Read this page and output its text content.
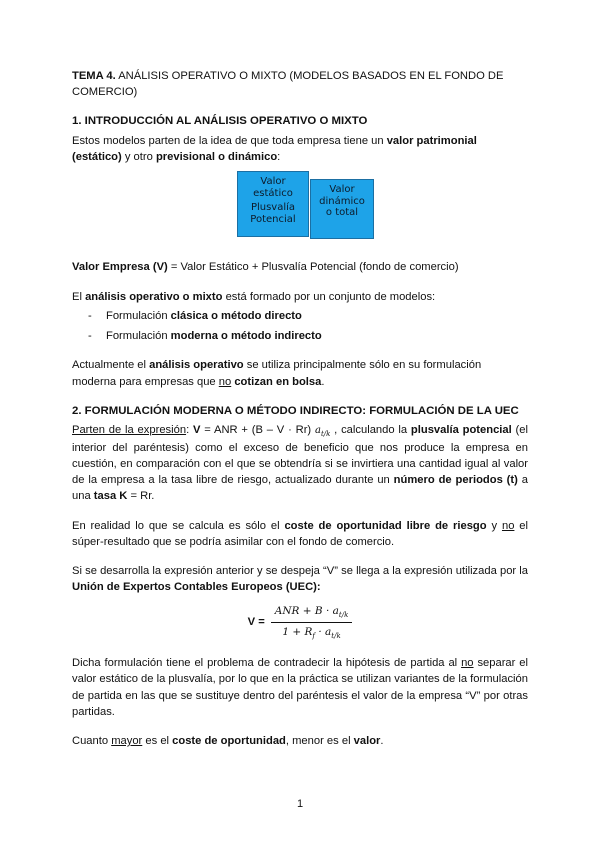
TEMA 4. ANÁLISIS OPERATIVO O MIXTO (MODELOS BASADOS EN EL FONDO DE COMERCIO)

1. INTRODUCCIÓN AL ANÁLISIS OPERATIVO O MIXTO

Estos modelos parten de la idea de que toda empresa tiene un valor patrimonial (estático) y otro previsional o dinámico:

Valor
estático

Plusvalía
Potencial
Valor
dinámico
o total

Valor Empresa (V) = Valor Estático + Plusvalía Potencial (fondo de comercio)

El análisis operativo o mixto está formado por un conjunto de modelos:

- Formulación clásica o método directo
- Formulación moderna o método indirecto

Actualmente el análisis operativo se utiliza principalmente sólo en su formulación moderna para empresas que no cotizan en bolsa.

2. FORMULACIÓN MODERNA O MÉTODO INDIRECTO: FORMULACIÓN DE LA UEC

Parten de la expresión: V = ANR + (B – V · Rr) $a_{t/k}$ , calculando la plusvalía potencial (el interior del paréntesis) como el exceso de beneficio que nos produce la empresa en cuestión, en comparación con el que se obtendría si se invirtiera una cantidad igual al valor de la empresa a la tasa libre de riesgo, actualizado durante un número de periodos (t) a una tasa K = Rr.

En realidad lo que se calcula es sólo el coste de oportunidad libre de riesgo y no el súper-resultado que se podría asimilar con el fondo de comercio.

Si se desarrolla la expresión anterior y se despeja “V” se llega a la expresión utilizada por la Unión de Expertos Contables Europeos (UEC):

$V = \frac{ANR + B \cdot a_{t/k}}{1 + R_f \cdot a_{t/k}}$

Dicha formulación tiene el problema de contradecir la hipótesis de partida al no separar el valor estático de la plusvalía, por lo que en la práctica se utilizan variantes de la formulación de partida en las que se sustituye dentro del paréntesis el valor de la empresa “V” por otras partidas.

Cuanto mayor es el coste de oportunidad, menor es el valor.

1
